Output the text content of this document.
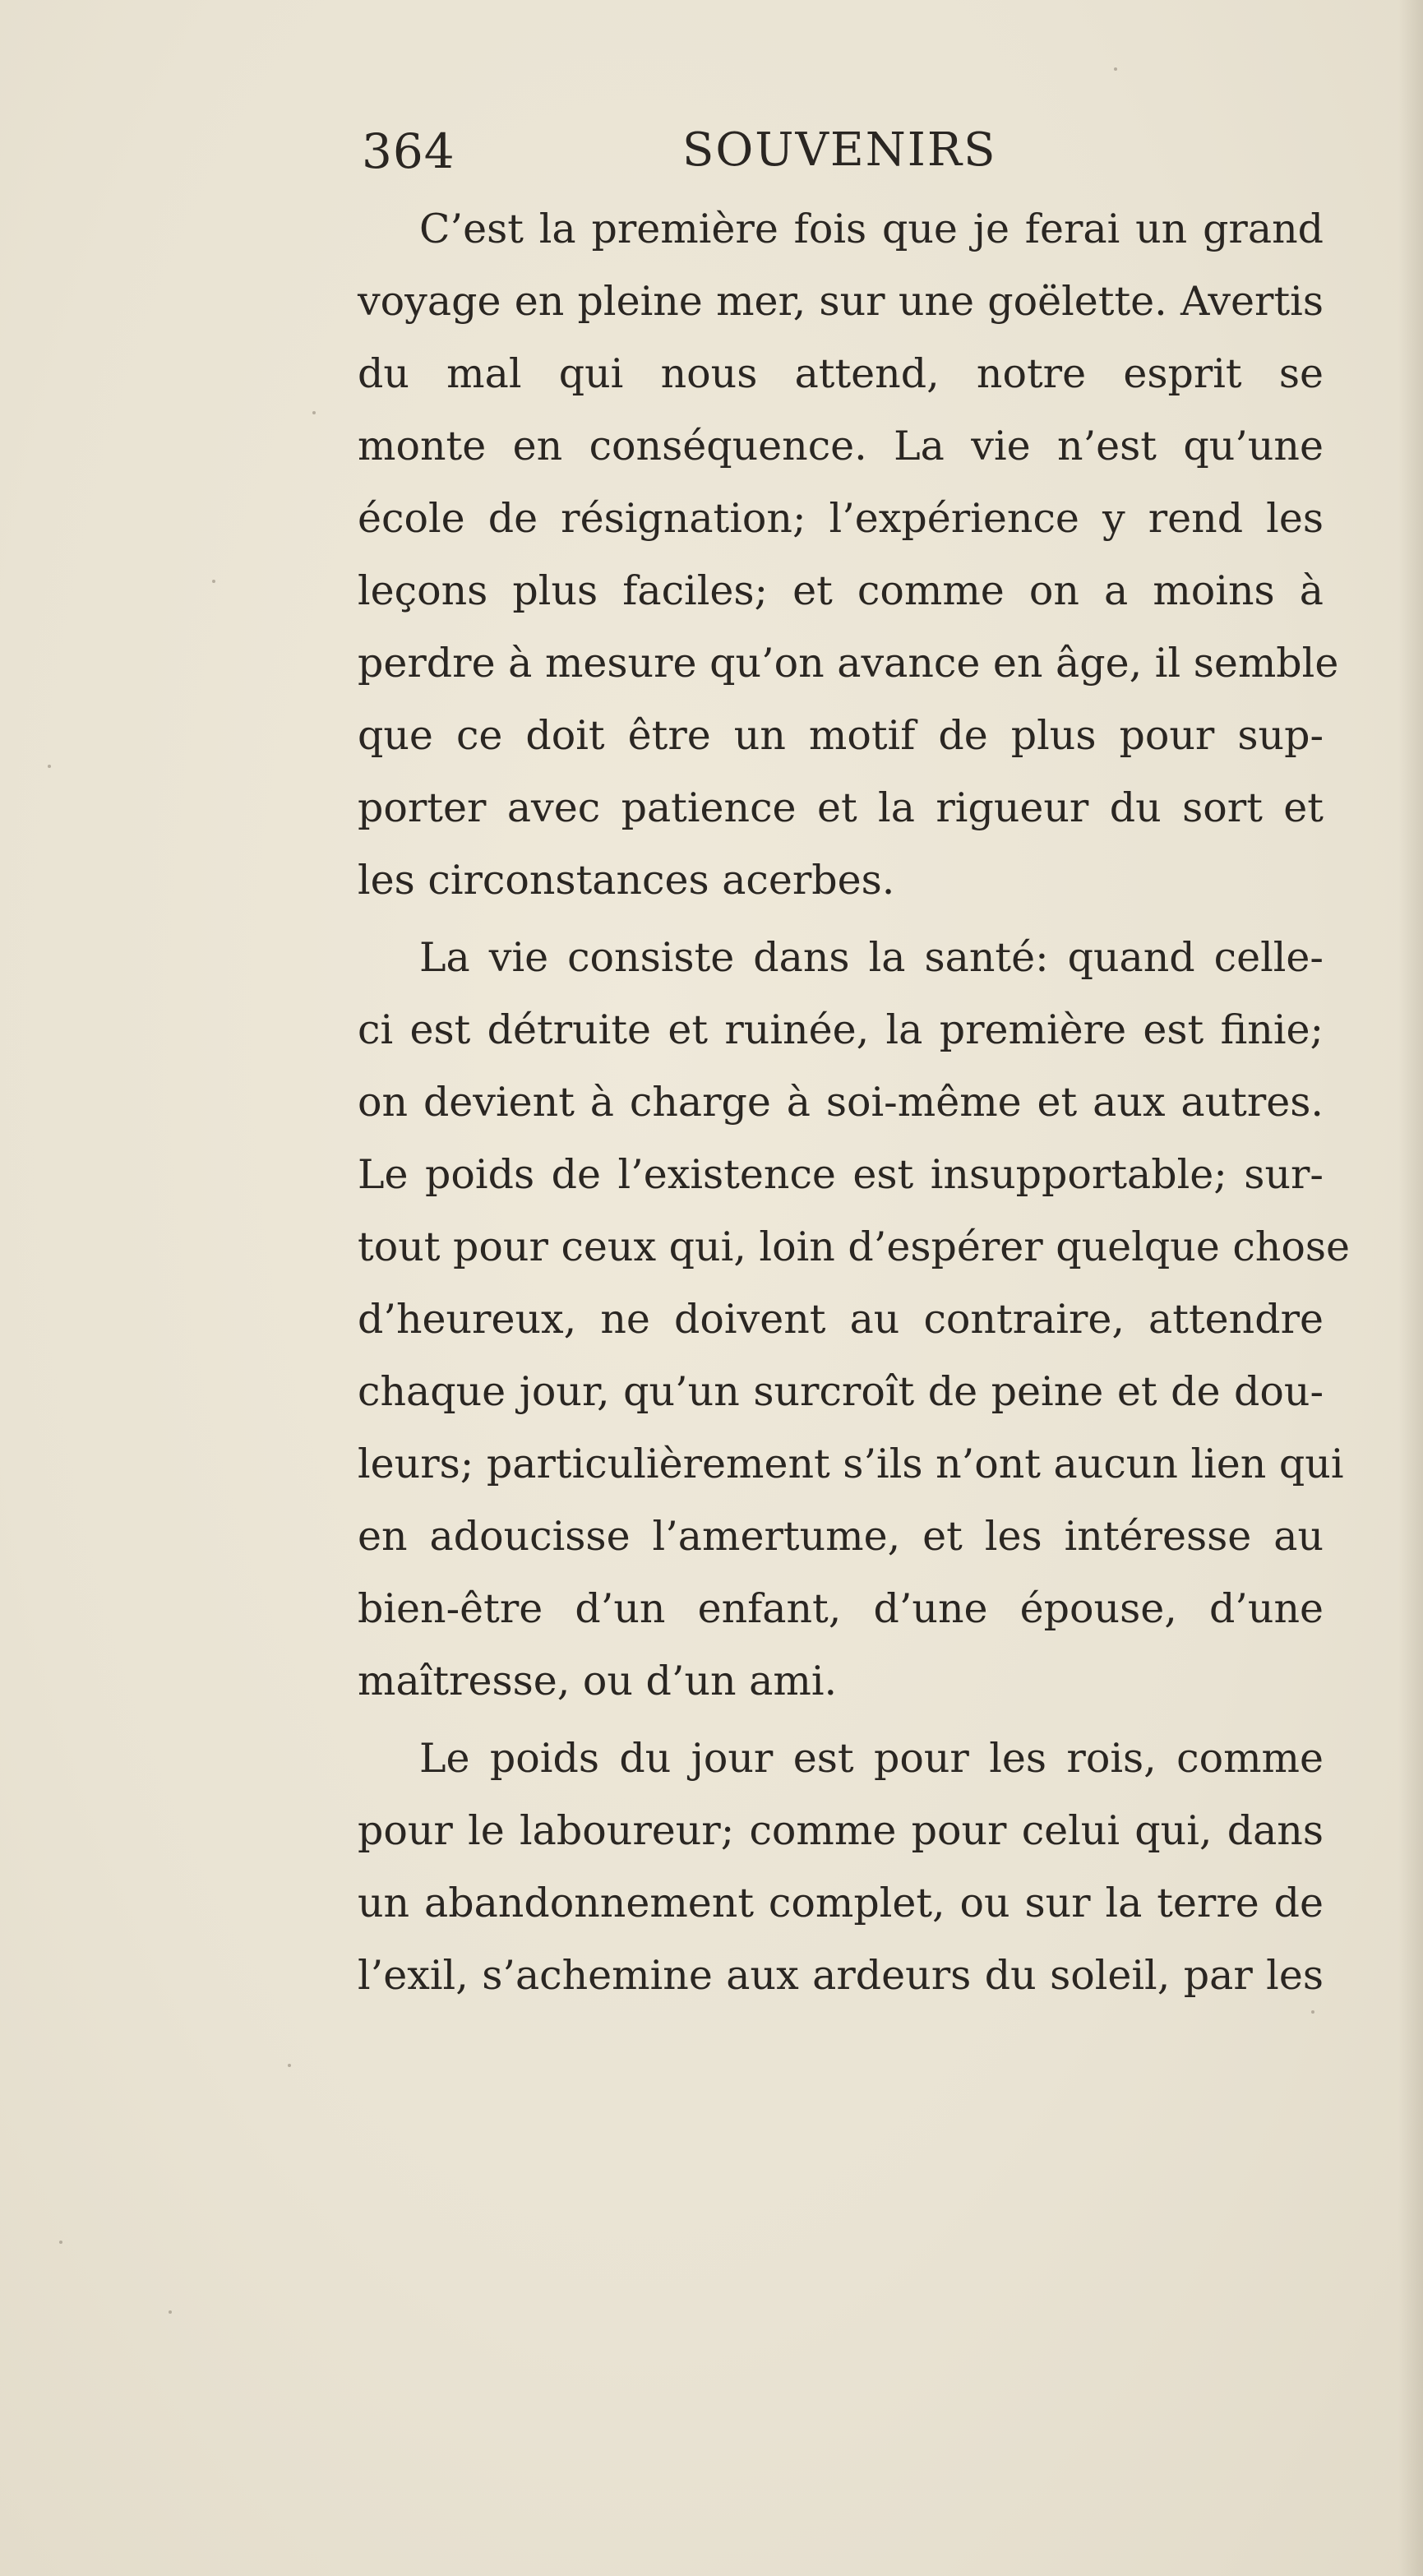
364	SOUVENIRS
C’est la première fois que je ferai un grand
voyage en pleine mer, sur une goëlette. Avertis
du mal qui nous attend, notre esprit se
monte en conséquence. La vie n’est qu’une
école de résignation; l’expérience y rend les
leçons plus faciles; et comme on a moins à
perdre à mesure qu’on avance en âge, il semble
que ce doit être un motif de plus pour sup-
porter avec patience et la rigueur du sort et
les circonstances acerbes.
La vie consiste dans la santé: quand celle-
ci est détruite et ruinée, la première est finie;
on devient à charge à soi-même et aux autres.
Le poids de l’existence est insupportable; sur-
tout pour ceux qui, loin d’espérer quelque chose
d’heureux, ne doivent au contraire, attendre
chaque jour, qu’un surcroît de peine et de dou-
leurs; particulièrement s’ils n’ont aucun lien qui
en adoucisse l’amertume, et les intéresse au
bien-être d’un enfant, d’une épouse, d’une
maîtresse, ou d’un ami.
Le poids du jour est pour les rois, comme
pour le laboureur; comme pour celui qui, dans
un abandonnement complet, ou sur la terre de
l’exil, s’achemine aux ardeurs du soleil, par les
